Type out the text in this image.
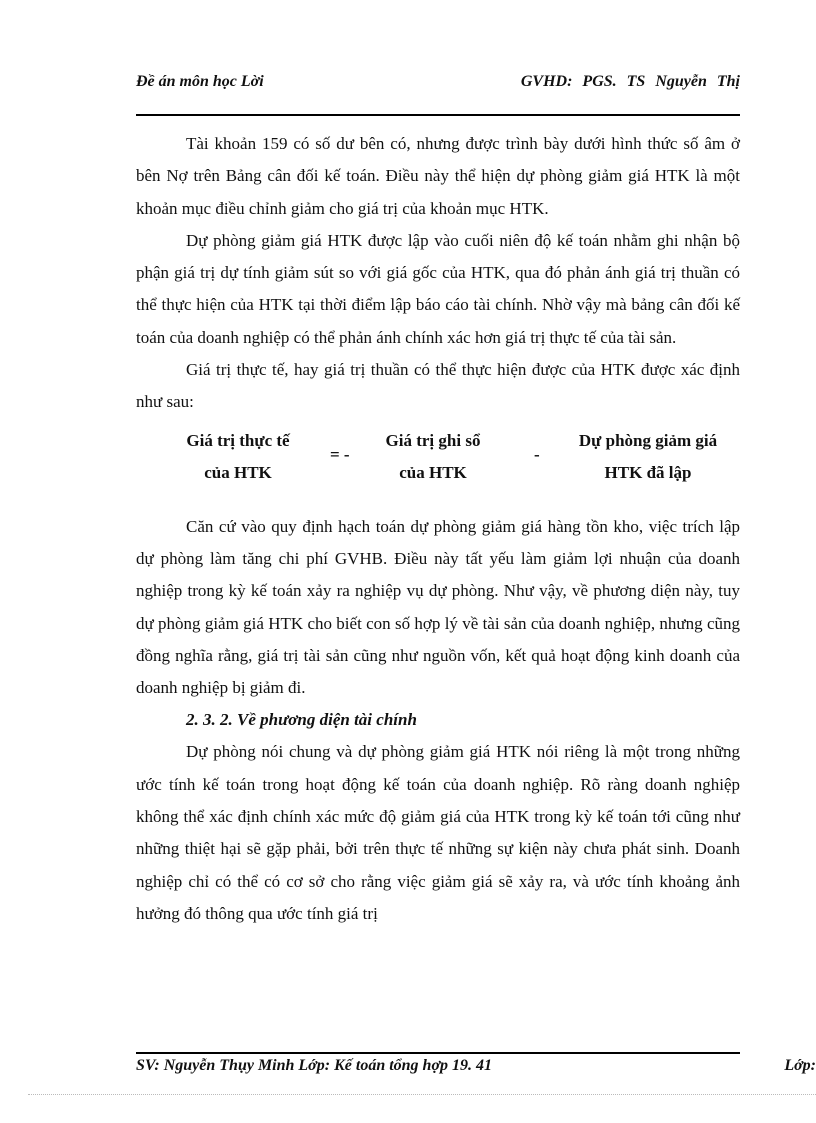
Đề án môn học Lời	GVHD: PGS. TS Nguyễn Thị

Tài khoản 159 có số dư bên có, nhưng được trình bày dưới hình thức số âm ở bên Nợ trên Bảng cân đối kế toán. Điều này thể hiện dự phòng giảm giá HTK là một khoản mục điều chỉnh giảm cho giá trị của khoản mục HTK.

Dự phòng giảm giá HTK được lập vào cuối niên độ kế toán nhằm ghi nhận bộ phận giá trị dự tính giảm sút so với giá gốc của HTK, qua đó phản ánh giá trị thuần có thể thực hiện của HTK tại thời điểm lập báo cáo tài chính. Nhờ vậy mà bảng cân đối kế toán của doanh nghiệp có thể phản ánh chính xác hơn giá trị thực tế của tài sản.

Giá trị thực tế, hay giá trị thuần có thể thực hiện được của HTK được xác định như sau:

Giá trị thực tế
của HTK
= -
Giá trị ghi sổ
của HTK
-
Dự phòng giảm giá
HTK đã lập

Căn cứ vào quy định hạch toán dự phòng giảm giá hàng tồn kho, việc trích lập dự phòng làm tăng chi phí GVHB. Điều này tất yếu làm giảm lợi nhuận của doanh nghiệp trong kỳ kế toán xảy ra nghiệp vụ dự phòng. Như vậy, về phương diện này, tuy dự phòng giảm giá HTK cho biết con số hợp lý về tài sản của doanh nghiệp, nhưng cũng đồng nghĩa rằng, giá trị tài sản cũng như nguồn vốn, kết quả hoạt động kinh doanh của doanh nghiệp bị giảm đi.

2. 3. 2. Về phương diện tài chính

Dự phòng nói chung và dự phòng giảm giá HTK nói riêng là một trong những ước tính kế toán trong hoạt động kế toán của doanh nghiệp. Rõ ràng doanh nghiệp không thể xác định chính xác mức độ giảm giá của HTK trong kỳ kế toán tới cũng như những thiệt hại sẽ gặp phải, bởi trên thực tế những sự kiện này chưa phát sinh. Doanh nghiệp chỉ có thể có cơ sở cho rằng việc giảm giá sẽ xảy ra, và ước tính khoảng ảnh hưởng đó thông qua ước tính giá trị

SV: Nguyễn Thụy Minh Lớp: Kế toán tổng hợp 19. 41	Lớp:
